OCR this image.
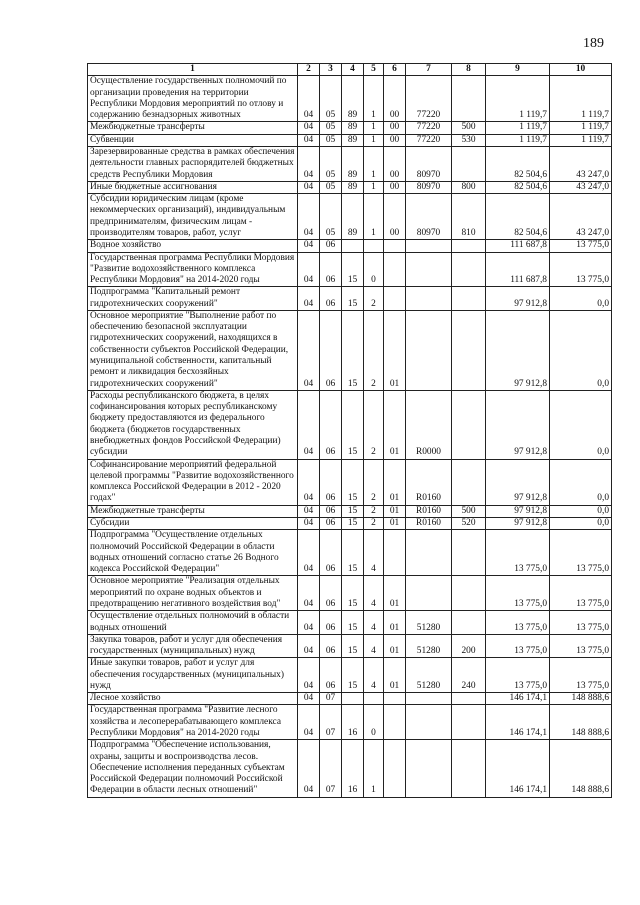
189
1	2	3	4	5	6	7	8	9	10
Осуществление государственных полномочий по организации проведения на территории Республики Мордовия мероприятий по отлову и содержанию безнадзорных животных	04	05	89	1	00	77220		1 119,7	1 119,7
Межбюджетные трансферты	04	05	89	1	00	77220	500	1 119,7	1 119,7
Субвенции	04	05	89	1	00	77220	530	1 119,7	1 119,7
Зарезервированные средства в рамках обеспечения деятельности главных распорядителей бюджетных средств Республики Мордовия	04	05	89	1	00	80970		82 504,6	43 247,0
Иные бюджетные ассигнования	04	05	89	1	00	80970	800	82 504,6	43 247,0
Субсидии юридическим лицам (кроме некоммерческих организаций), индивидуальным предпринимателям, физическим лицам - производителям товаров, работ, услуг	04	05	89	1	00	80970	810	82 504,6	43 247,0
Водное хозяйство	04	06						111 687,8	13 775,0
Государственная программа Республики Мордовия "Развитие водохозяйственного комплекса Республики Мордовия" на 2014-2020 годы	04	06	15	0				111 687,8	13 775,0
Подпрограмма "Капитальный ремонт гидротехнических сооружений"	04	06	15	2				97 912,8	0,0
Основное мероприятие "Выполнение работ по обеспечению безопасной эксплуатации гидротехнических сооружений, находящихся в собственности субъектов Российской Федерации, муниципальной собственности, капитальный ремонт и ликвидация бесхозяйных гидротехнических сооружений"	04	06	15	2	01			97 912,8	0,0
Расходы республиканского бюджета, в целях софинансирования которых республиканскому бюджету предоставляются из федерального бюджета (бюджетов государственных внебюджетных фондов Российской Федерации) субсидии	04	06	15	2	01	R0000		97 912,8	0,0
Софинансирование мероприятий федеральной целевой программы "Развитие водохозяйственного комплекса Российской Федерации в 2012 - 2020 годах"	04	06	15	2	01	R0160		97 912,8	0,0
Межбюджетные трансферты	04	06	15	2	01	R0160	500	97 912,8	0,0
Субсидии	04	06	15	2	01	R0160	520	97 912,8	0,0
Подпрограмма "Осуществление отдельных полномочий Российской Федерации в области водных отношений согласно статье 26 Водного кодекса Российской Федерации"	04	06	15	4				13 775,0	13 775,0
Основное мероприятие "Реализация отдельных мероприятий по охране водных объектов и предотвращению негативного воздействия вод"	04	06	15	4	01			13 775,0	13 775,0
Осуществление отдельных полномочий в области водных отношений	04	06	15	4	01	51280		13 775,0	13 775,0
Закупка товаров, работ и услуг для обеспечения государственных (муниципальных) нужд	04	06	15	4	01	51280	200	13 775,0	13 775,0
Иные закупки товаров, работ и услуг для обеспечения государственных (муниципальных) нужд	04	06	15	4	01	51280	240	13 775,0	13 775,0
Лесное хозяйство	04	07						146 174,1	148 888,6
Государственная программа "Развитие лесного хозяйства и лесоперерабатывающего комплекса Республики Мордовия" на 2014-2020 годы	04	07	16	0				146 174,1	148 888,6
Подпрограмма "Обеспечение использования, охраны, защиты и воспроизводства лесов. Обеспечение исполнения переданных субъектам Российской Федерации полномочий Российской Федерации в области лесных отношений"	04	07	16	1				146 174,1	148 888,6
